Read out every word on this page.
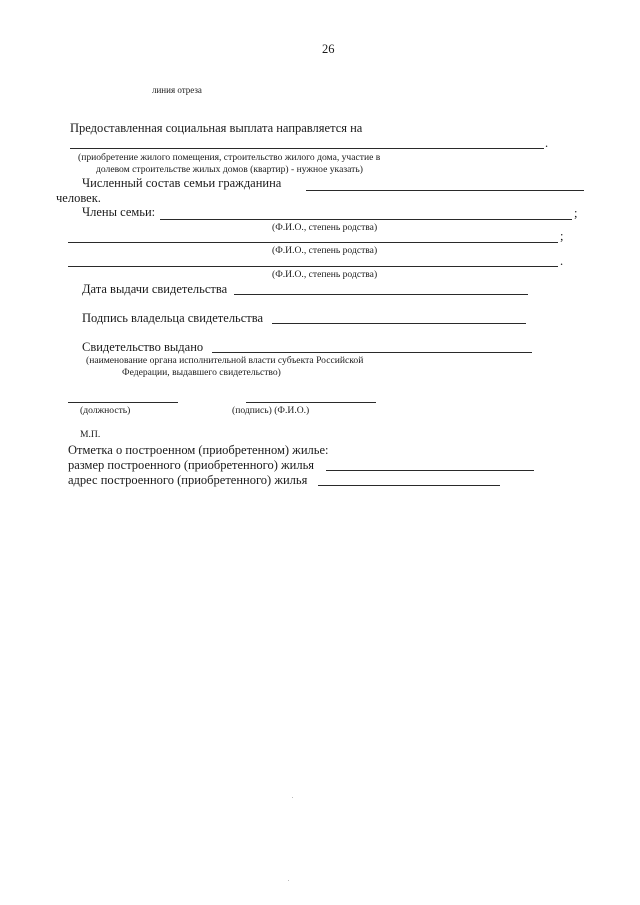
26
линия отреза
Предоставленная социальная выплата направляется на
.
(приобретение жилого помещения, строительство жилого дома, участие в
долевом строительстве жилых домов (квартир) - нужное указать)
Численный состав семьи гражданина
человек.
Члены семьи:	;
(Ф.И.О., степень родства)
;
(Ф.И.О., степень родства)
.
(Ф.И.О., степень родства)
Дата выдачи свидетельства
Подпись владельца свидетельства
Свидетельство выдано
(наименование органа исполнительной власти субъекта Российской
Федерации, выдавшего свидетельство)
(должность)	(подпись) (Ф.И.О.)
М.П.
Отметка о построенном (приобретенном) жилье:
размер построенного (приобретенного) жилья
адрес построенного (приобретенного) жилья
